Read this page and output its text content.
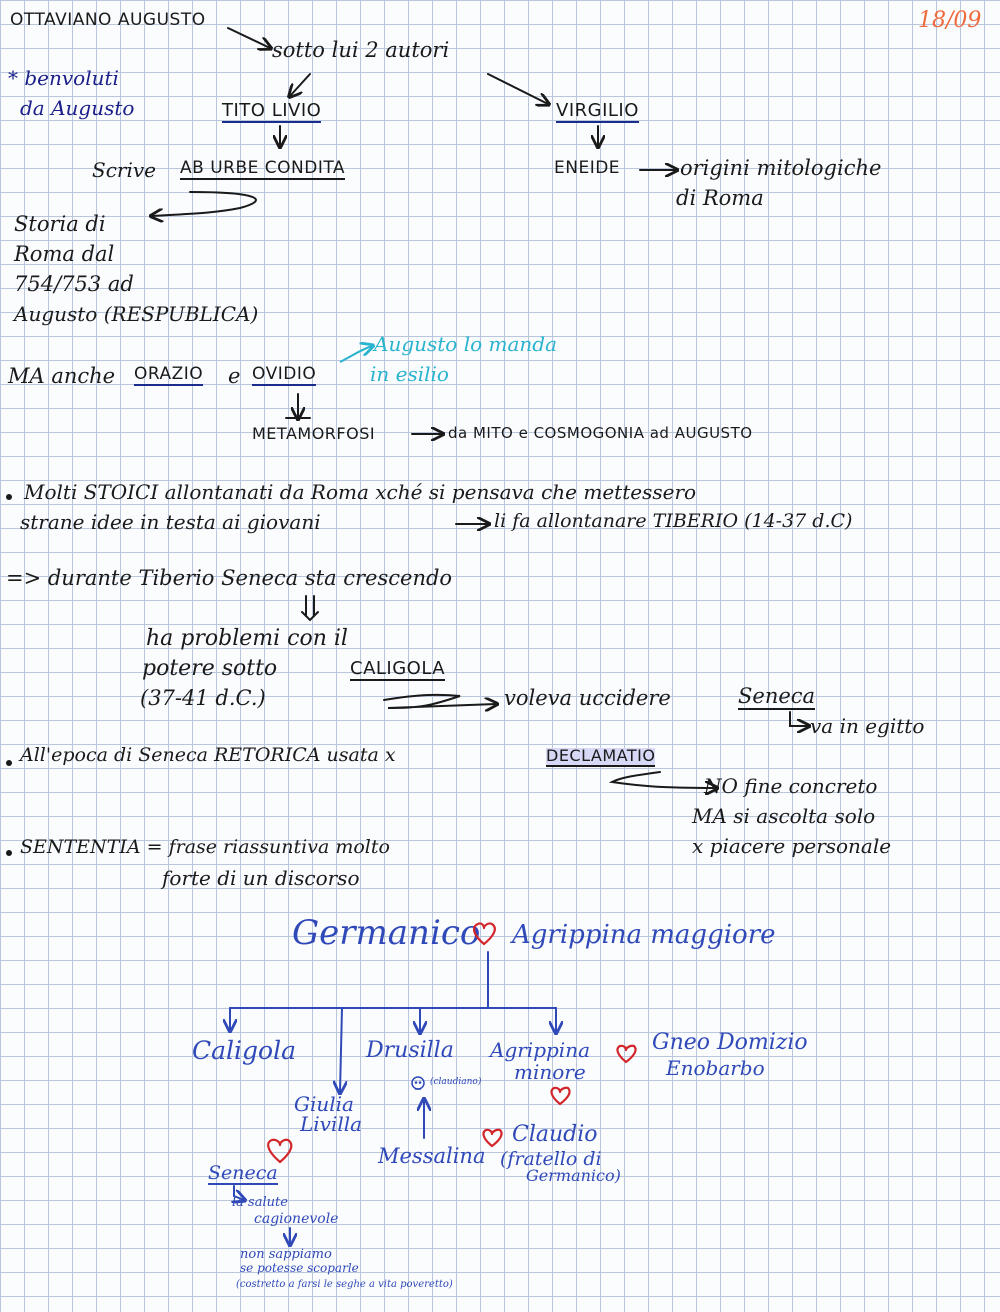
18/09
OTTAVIANO AUGUSTO
sotto lui 2 autori
* benvoluti
da Augusto	TITO LIVIO	VIRGILIO
Scrive AB URBE CONDITA	ENEIDE	origini mitologiche
di Roma
Storia di
Roma dal
754/753 ad
Augusto (RESPUBLICA)
MA anche ORAZIO e OVIDIO
Augusto lo manda
in esilio
METAMORFOSI	da MITO e COSMOGONIA ad AUGUSTO
Molti STOICI allontanati da Roma xché si pensava che mettessero
strane idee in testa ai giovani	li fa allontanare TIBERIO (14-37 d.C)
=> durante Tiberio Seneca sta crescendo
ha problemi con il
potere sotto	CALIGOLA
(37-41 d.C.)	voleva uccidere	Seneca
va in egitto
All'epoca di Seneca RETORICA usata x	DECLAMATIO
NO fine concreto
MA si ascolta solo
x piacere personale
SENTENTIA = frase riassuntiva molto
forte di un discorso
Germanico Agrippina maggiore
Caligola	Drusilla Agrippina
minore
Gneo Domizio
Enobarbo
Giulia
Livilla
(claudiano)
Messalina
Claudio
(fratello di
Germanico)
Seneca
la salute
cagionevole
non sappiamo
se potesse scoparle
(costretto a farsi le seghe a vita poveretto)
